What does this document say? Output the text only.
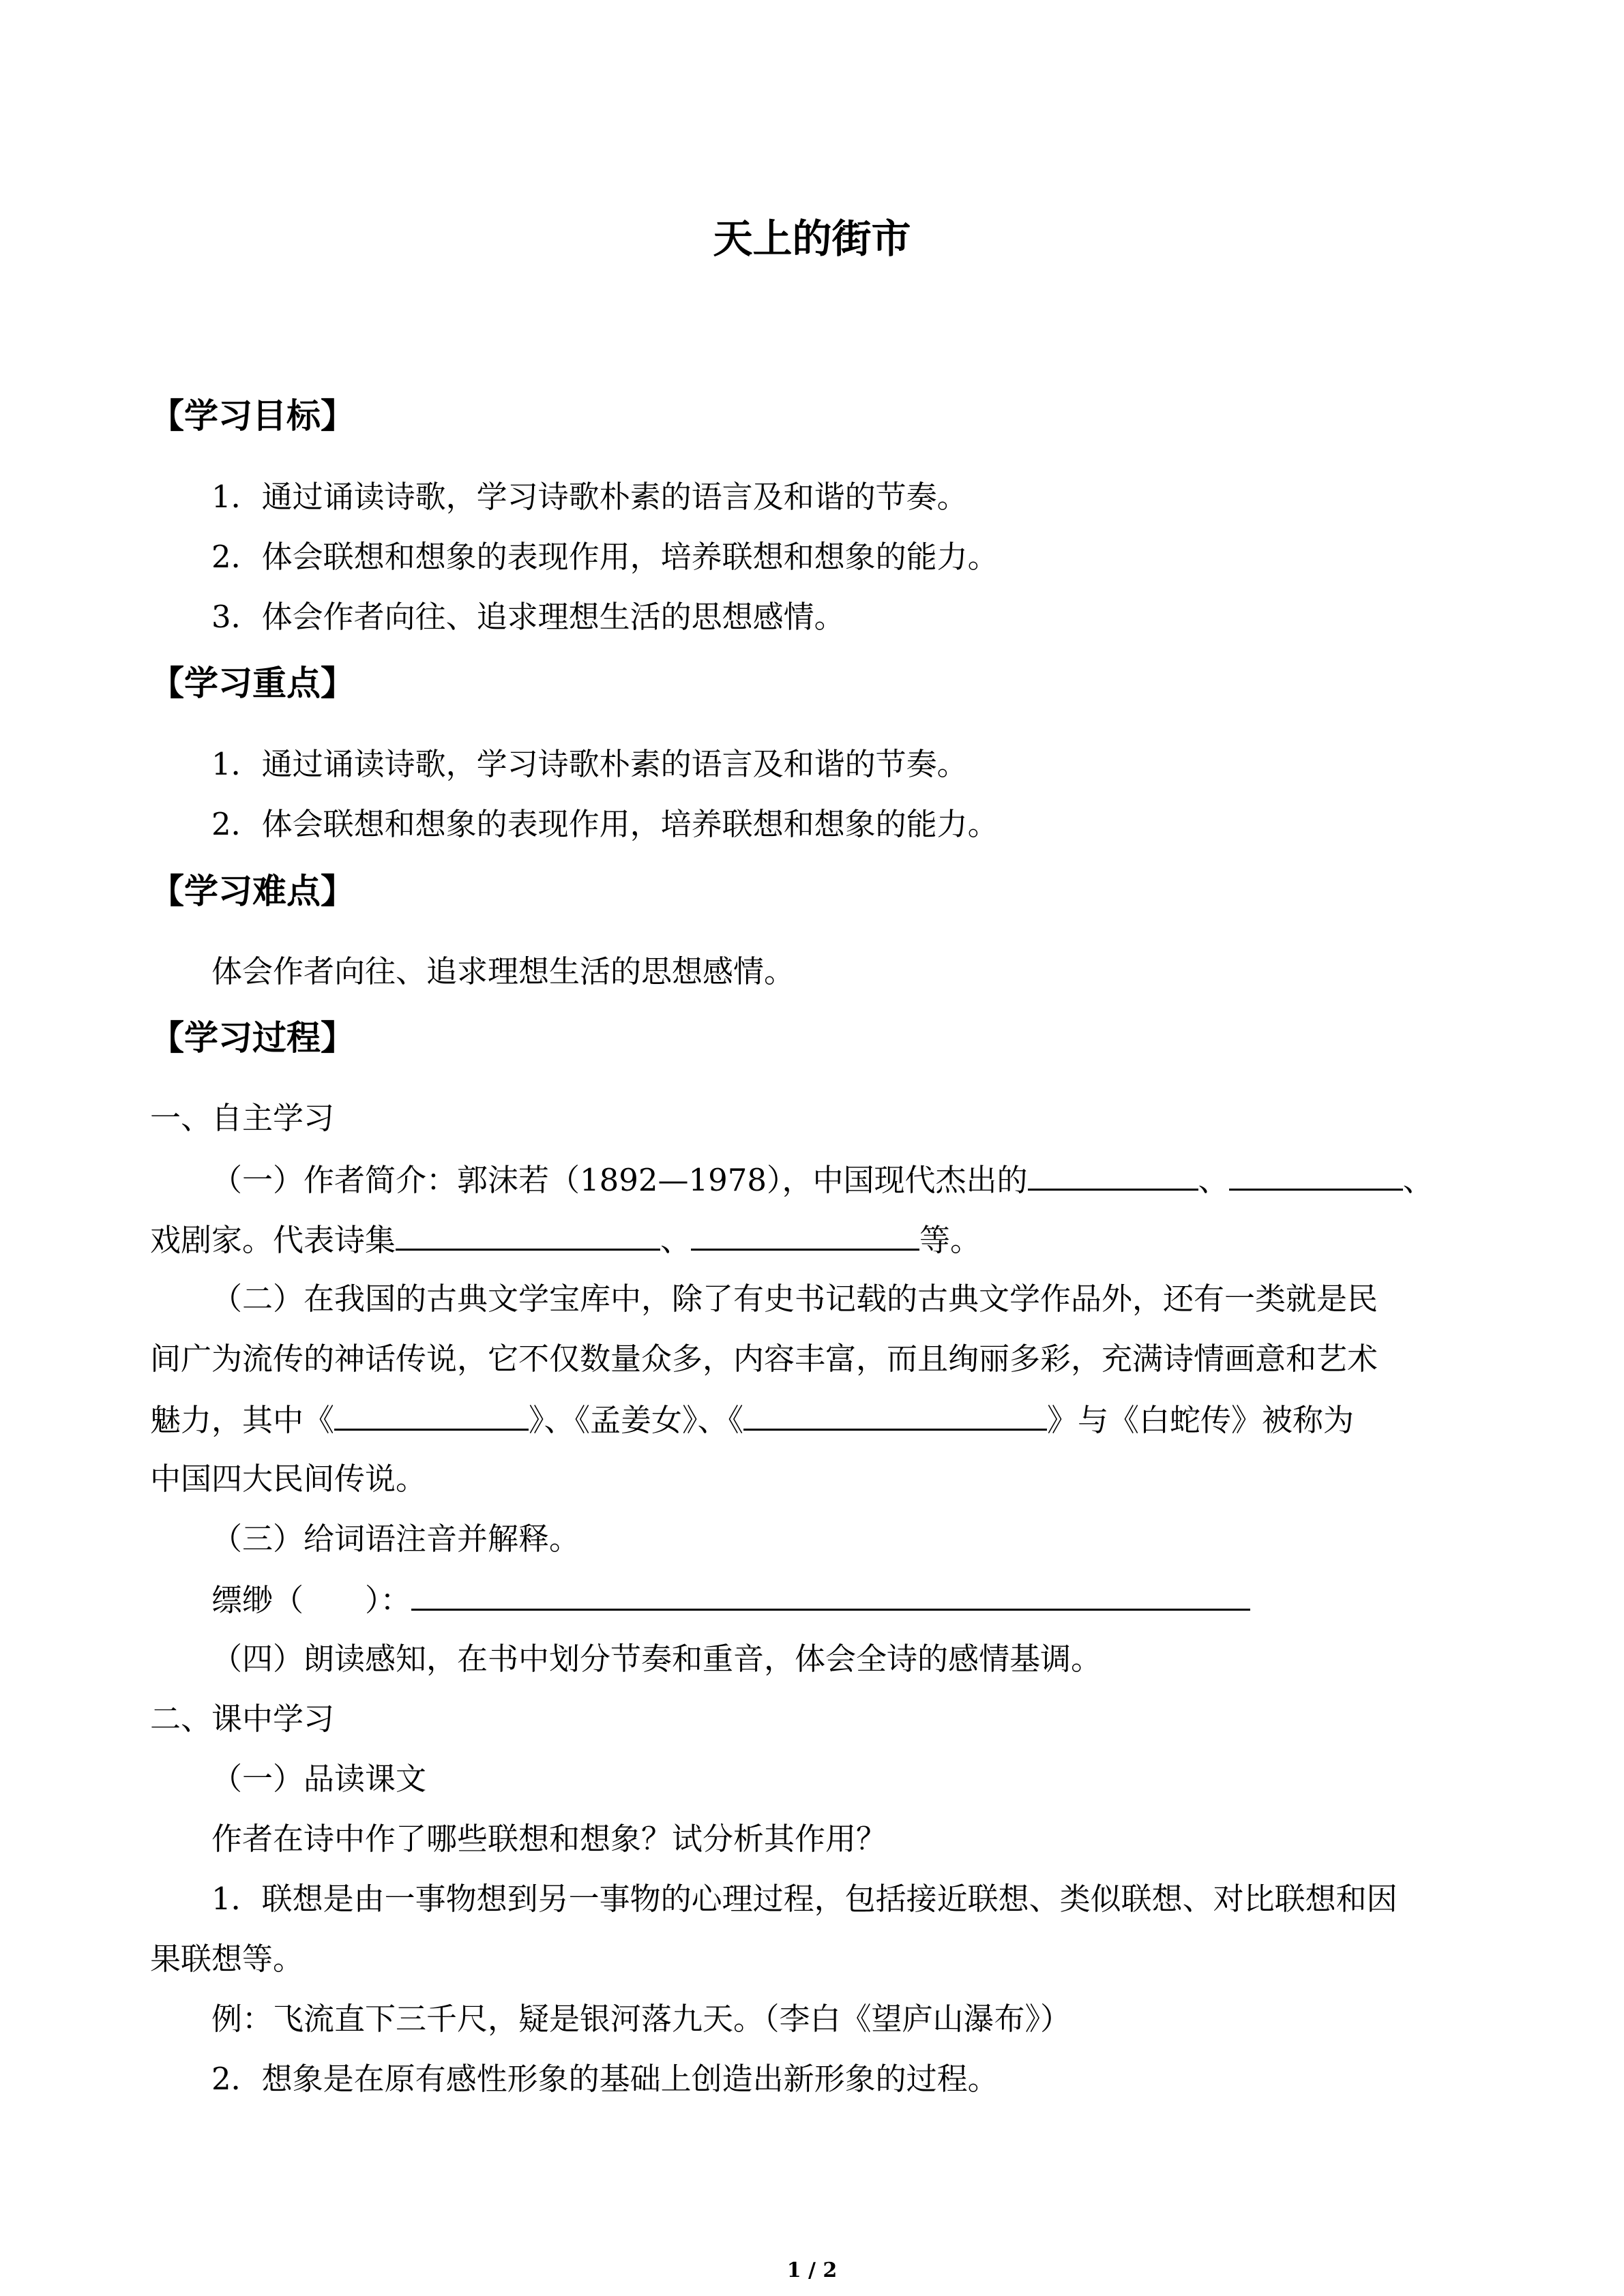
天上的街市
【学习目标】
1．通过诵读诗歌，学习诗歌朴素的语言及和谐的节奏。
2．体会联想和想象的表现作用，培养联想和想象的能力。
3．体会作者向往、追求理想生活的思想感情。
【学习重点】
1．通过诵读诗歌，学习诗歌朴素的语言及和谐的节奏。
2．体会联想和想象的表现作用，培养联想和想象的能力。
【学习难点】
体会作者向往、追求理想生活的思想感情。
【学习过程】
一、自主学习
（一）作者简介：郭沫若（1892—1978），中国现代杰出的	、	、
戏剧家。代表诗集	、	等。
（二）在我国的古典文学宝库中，除了有史书记载的古典文学作品外，还有一类就是民
间广为流传的神话传说，它不仅数量众多，内容丰富，而且绚丽多彩，充满诗情画意和艺术
魅力，其中《	》、《孟姜女》、《	》与《白蛇传》被称为
中国四大民间传说。
（三）给词语注音并解释。
缥缈（　　）：
（四）朗读感知，在书中划分节奏和重音，体会全诗的感情基调。
二、课中学习
（一）品读课文
作者在诗中作了哪些联想和想象？试分析其作用？
1．联想是由一事物想到另一事物的心理过程，包括接近联想、类似联想、对比联想和因
果联想等。
例：飞流直下三千尺，疑是银河落九天。（李白《望庐山瀑布》）
2．想象是在原有感性形象的基础上创造出新形象的过程。
1 / 2
